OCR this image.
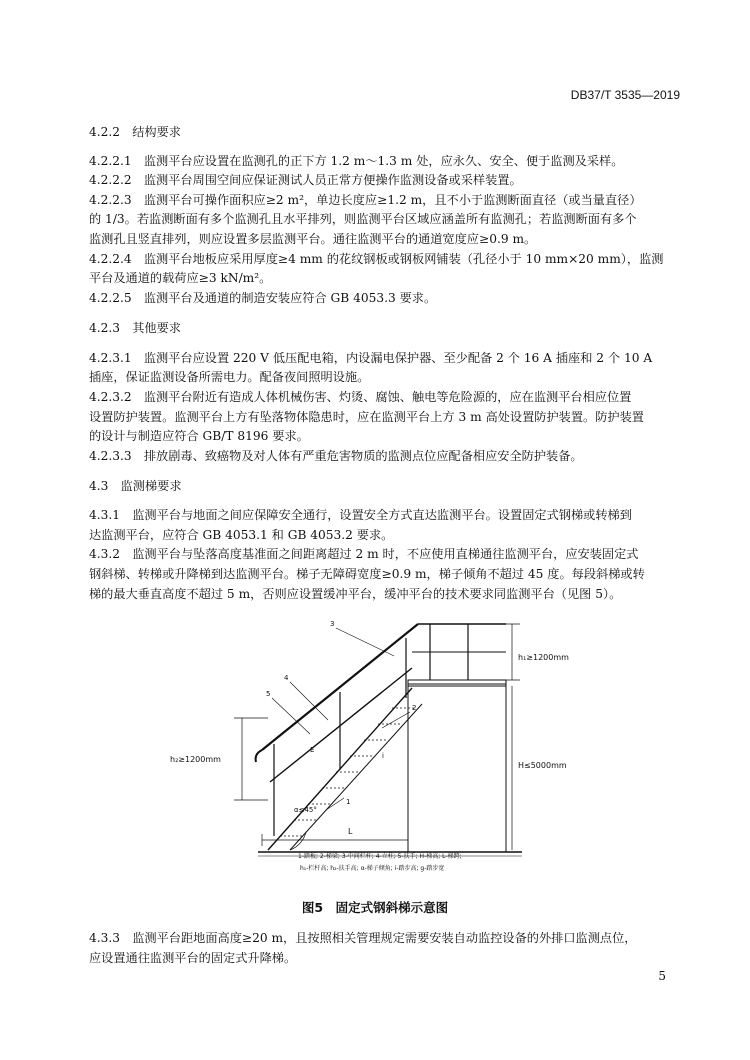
DB37/T 3535—2019
4.2.2　结构要求
4.2.2.1　监测平台应设置在监测孔的正下方 1.2 m～1.3 m 处，应永久、安全、便于监测及采样。
4.2.2.2　监测平台周围空间应保证测试人员正常方便操作监测设备或采样装置。
4.2.2.3　监测平台可操作面积应≥2 m²，单边长度应≥1.2 m，且不小于监测断面直径（或当量直径）
的 1/3。若监测断面有多个监测孔且水平排列，则监测平台区域应涵盖所有监测孔；若监测断面有多个
监测孔且竖直排列，则应设置多层监测平台。通往监测平台的通道宽度应≥0.9 m。
4.2.2.4　监测平台地板应采用厚度≥4 mm 的花纹钢板或钢板网铺装（孔径小于 10 mm×20 mm），监测
平台及通道的载荷应≥3 kN/m²。
4.2.2.5　监测平台及通道的制造安装应符合 GB 4053.3 要求。
4.2.3　其他要求
4.2.3.1　监测平台应设置 220 V 低压配电箱，内设漏电保护器、至少配备 2 个 16 A 插座和 2 个 10 A
插座，保证监测设备所需电力。配备夜间照明设施。
4.2.3.2　监测平台附近有造成人体机械伤害、灼烫、腐蚀、触电等危险源的，应在监测平台相应位置
设置防护装置。监测平台上方有坠落物体隐患时，应在监测平台上方 3 m 高处设置防护装置。防护装置
的设计与制造应符合 GB/T 8196 要求。
4.2.3.3　排放剧毒、致癌物及对人体有严重危害物质的监测点位应配备相应安全防护装备。
4.3　监测梯要求
4.3.1　监测平台与地面之间应保障安全通行，设置安全方式直达监测平台。设置固定式钢梯或转梯到
达监测平台，应符合 GB 4053.1 和 GB 4053.2 要求。
4.3.2　监测平台与坠落高度基准面之间距离超过 2 m 时，不应使用直梯通往监测平台，应安装固定式
钢斜梯、转梯或升降梯到达监测平台。梯子无障碍宽度≥0.9 m，梯子倾角不超过 45 度。每段斜梯或转
梯的最大垂直高度不超过 5 m，否则应设置缓冲平台，缓冲平台的技术要求同监测平台（见图 5）。
h₁≥1200mm
H≤5000mm
h₂≥1200mm
L
α≤45°
E
i
3
4
5
2
1
1-踏板; 2-梯梁; 3-中间栏杆; 4-立柱; 5-扶手; H-梯高; L-梯跨;
h₁-栏杆高; h₂-扶手高; α-梯子倾角; i-踏步高; g-踏步宽
图5　固定式钢斜梯示意图
4.3.3　监测平台距地面高度≥20 m，且按照相关管理规定需要安装自动监控设备的外排口监测点位，
应设置通往监测平台的固定式升降梯。
5
